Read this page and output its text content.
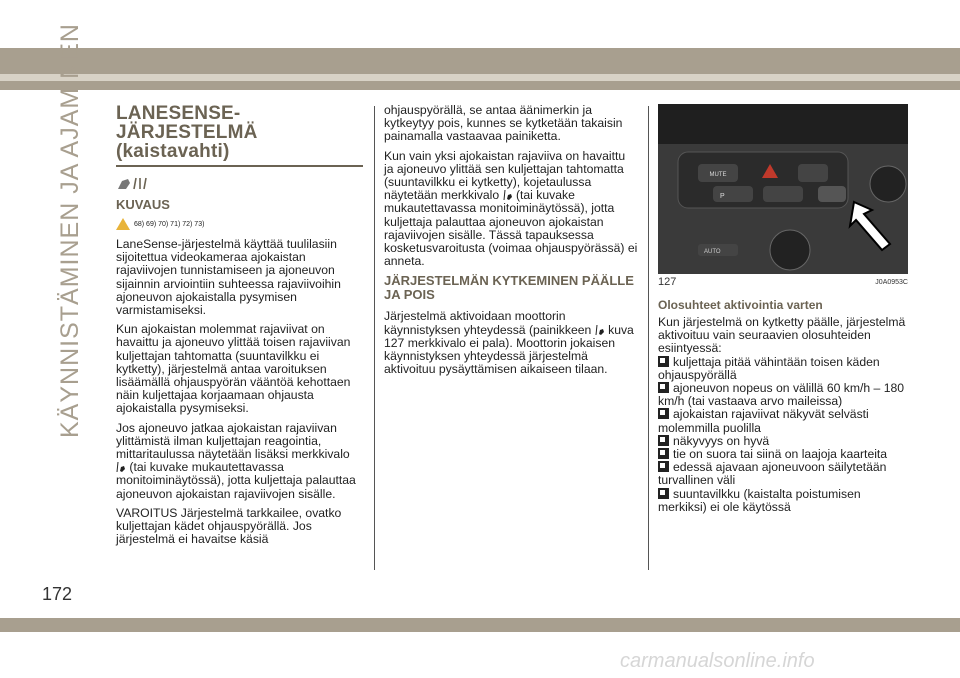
KÄYNNISTÄMINEN JA AJAMINEN LANESENSE-
JÄRJESTELMÄ
(kaistavahti)
KUVAUS
68) 69) 70) 71) 72) 73)

LaneSense-järjestelmä käyttää tuulilasiin sijoitettua videokameraa ajokaistan rajaviivojen tunnistamiseen ja ajoneuvon sijainnin arviointiin suhteessa rajaviivoihin ajoneuvon ajokaistalla pysymisen varmistamiseksi.

Kun ajokaistan molemmat rajaviivat on havaittu ja ajoneuvo ylittää toisen rajaviivan kuljettajan tahtomatta (suuntavilkku ei kytketty), järjestelmä antaa varoituksen lisäämällä ohjauspyörän vääntöä kehottaen näin kuljettajaa korjaamaan ohjausta ajokaistalla pysymiseksi.

Jos ajoneuvo jatkaa ajokaistan rajaviivan ylittämistä ilman kuljettajan reagointia, mittaritaulussa näytetään lisäksi merkkivalo  (tai kuvake mukautettavassa monitoiminäytössä), jotta kuljettaja palauttaa ajoneuvon ajokaistan rajaviivojen sisälle.

VAROITUS Järjestelmä tarkkailee, ovatko kuljettajan kädet ohjauspyörällä. Jos järjestelmä ei havaitse käsiä

ohjauspyörällä, se antaa äänimerkin ja kytkeytyy pois, kunnes se kytketään takaisin painamalla vastaavaa painiketta.

Kun vain yksi ajokaistan rajaviiva on havaittu ja ajoneuvo ylittää sen kuljettajan tahtomatta (suuntavilkku ei kytketty), kojetaulussa näytetään merkkivalo (tai kuvake mukautettavassa monitoiminäytössä), jotta kuljettaja palauttaa ajoneuvon ajokaistan rajaviivojen sisälle. Tässä tapauksessa kosketusvaroitusta (voimaa ohjauspyörässä) ei anneta.

JÄRJESTELMÄN KYTKEMINEN PÄÄLLE JA POIS

Järjestelmä aktivoidaan moottorin käynnistyksen yhteydessä (painikkeen kuva 127 merkkivalo ei pala). Moottorin jokaisen käynnistyksen yhteydessä järjestelmä aktivoituu pysäyttämisen aikaiseen tilaan.

MUTE
P
AUTO
127	J0A0953C
Olosuhteet aktivointia varten

Kun järjestelmä on kytketty päälle, järjestelmä aktivoituu vain seuraavien olosuhteiden esiintyessä:

kuljettaja pitää vähintään toisen käden ohjauspyörällä

ajoneuvon nopeus on välillä 60 km/h – 180 km/h (tai vastaava arvo maileissa)

ajokaistan rajaviivat näkyvät selvästi molemmilla puolilla

näkyvyys on hyvä

tie on suora tai siinä on laajoja kaarteita

edessä ajavaan ajoneuvoon säilytetään turvallinen väli

suuntavilkku (kaistalta poistumisen merkiksi) ei ole käytössä

172
carmanualsonline.info
